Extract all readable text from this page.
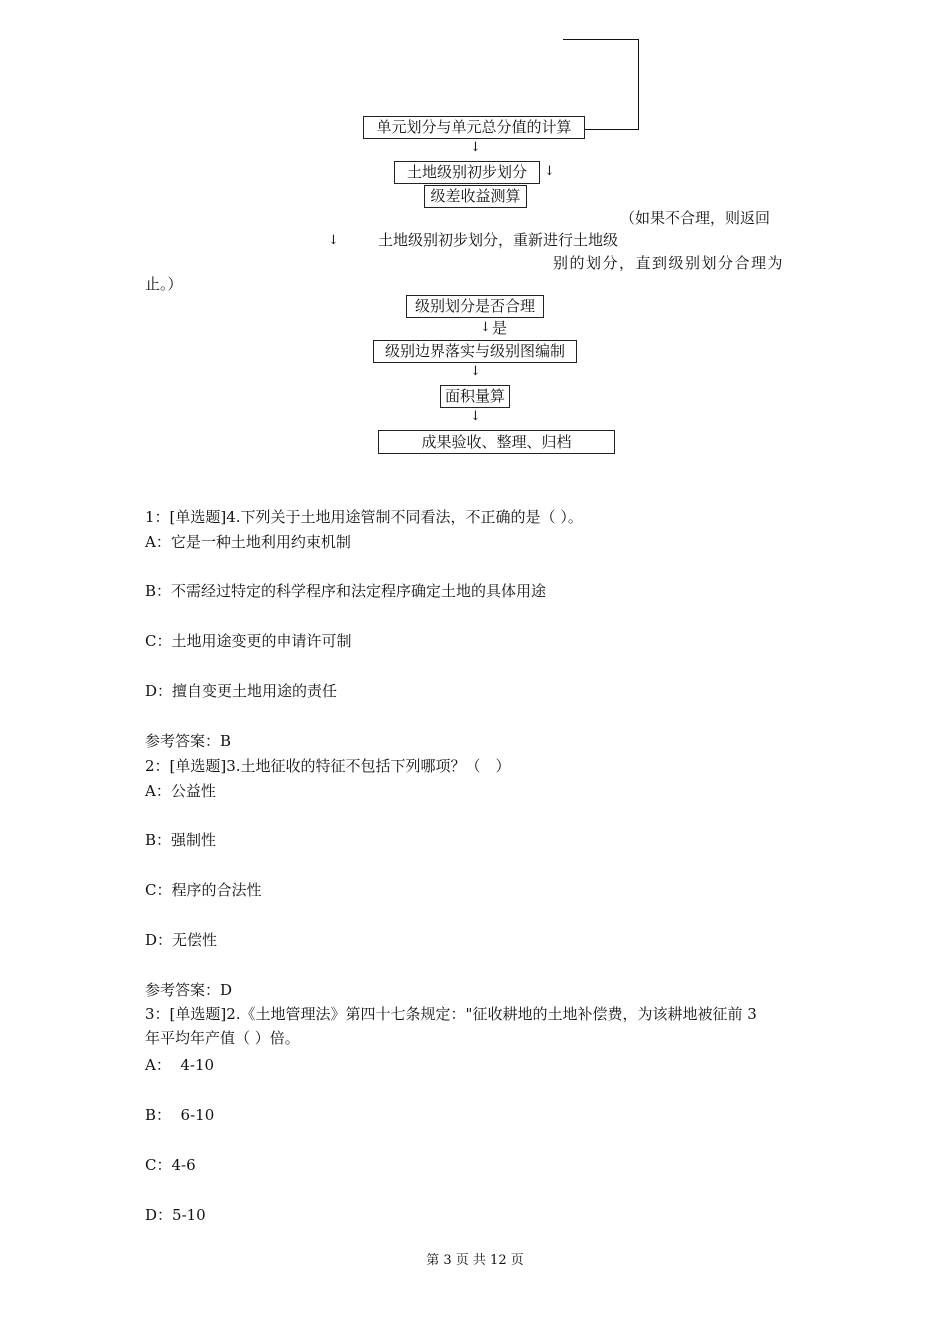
单元划分与单元总分值的计算
↓
土地级别初步划分	↓
级差收益测算
（如果不合理，则返回
↓	土地级别初步划分，重新进行土地级
别的划分，直到级别划分合理为
止。）
级别划分是否合理
↓ 是
级别边界落实与级别图编制
↓
面积量算
↓
成果验收、整理、归档
1：[单选题]4.下列关于土地用途管制不同看法，不正确的是（ ）。
A：它是一种土地利用约束机制
B：不需经过特定的科学程序和法定程序确定土地的具体用途
C：土地用途变更的申请许可制
D：擅自变更土地用途的责任
参考答案：B
2：[单选题]3.土地征收的特征不包括下列哪项？（　）
A：公益性
B：强制性
C：程序的合法性
D：无偿性
参考答案：D
3：[单选题]2.《土地管理法》第四十七条规定："征收耕地的土地补偿费，为该耕地被征前 3
年平均年产值（ ）倍。
A：  4-10
B：  6-10
C：4-6
D：5-10
第 3 页 共 12 页
